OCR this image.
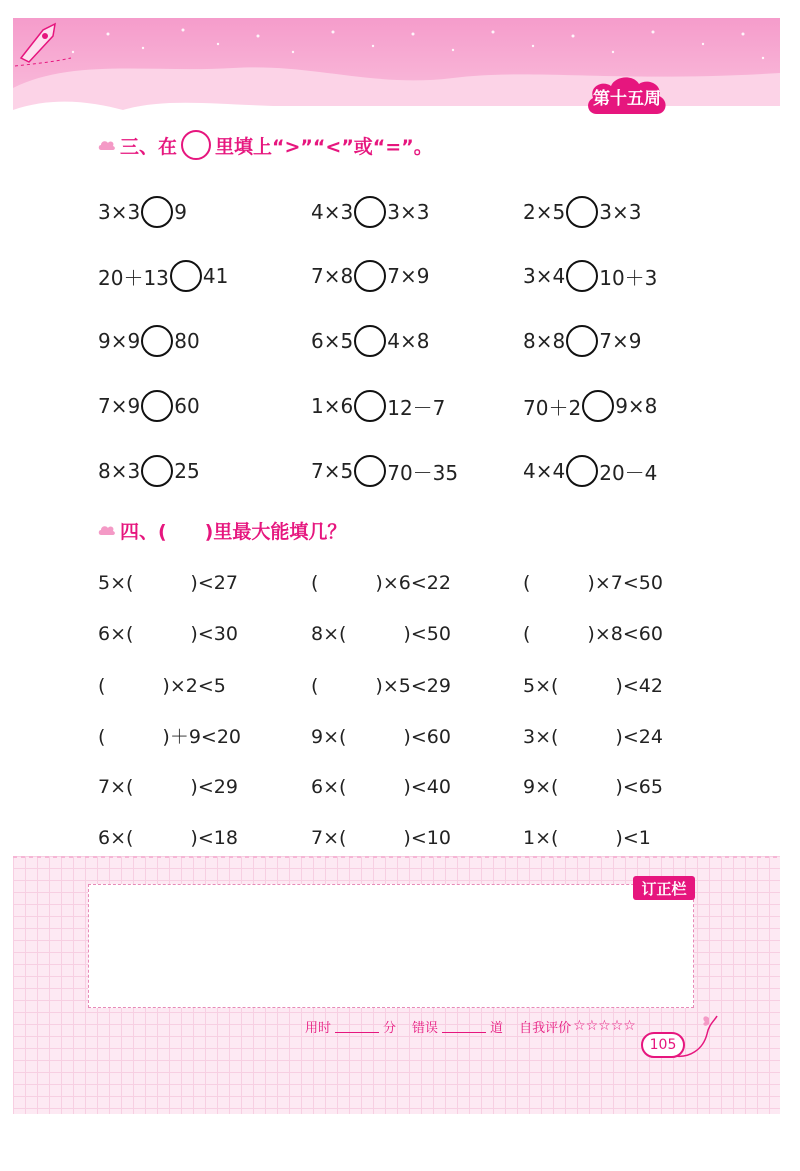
第十五周
三、在 里填上“>”“<”或“=”。
3×3 9	4×3 3×3	2×5 3×3
20＋13 41	7×8 7×9	3×4 10＋3
9×9 80	6×5 4×8	8×8 7×9
7×9 60	1×6 12－7	70＋2 9×8
8×3 25	7×5 70－35	4×4 20－4
四、(　　)里最大能填几？
5×(　　　)<27	(　　　)×6<22	(　　　)×7<50
6×(　　　)<30	8×(　　　)<50	(　　　)×8<60
(　　　)×2<5	(　　　)×5<29	5×(　　　)<42
(　　　)＋9<20	9×(　　　)<60	3×(　　　)<24
7×(　　　)<29	6×(　　　)<40	9×(　　　)<65
6×(　　　)<18	7×(　　　)<10	1×(　　　)<1
订正栏
用时	分 错误	道 自我评价 ☆☆☆☆☆
105
